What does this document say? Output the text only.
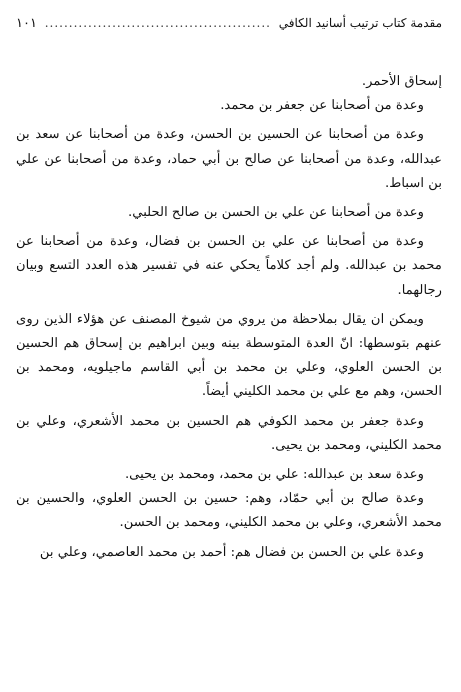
مقدمة كتاب ترتيب أسانيد الكافي
...............................................
١٠١

إسحاق الأحمر.

وعدة من أصحابنا عن جعفر بن محمد.

وعدة من أصحابنا عن الحسين بن الحسن، وعدة من أصحابنا عن سعد بن عبدالله، وعدة من أصحابنا عن صالح بن أبي حماد، وعدة من أصحابنا عن علي بن اسباط.

وعدة من أصحابنا عن علي بن الحسن بن صالح الحلبي.

وعدة من أصحابنا عن علي بن الحسن بن فضال، وعدة من أصحابنا عن محمد بن عبدالله. ولم أجد كلاماً يحكي عنه في تفسير هذه العدد التسع وبيان رجالهما.

ويمكن ان يقال بملاحظة من يروي من شيوخ المصنف عن هؤلاء الذين روى عنهم بتوسطها: انّ العدة المتوسطة بينه وبين ابراهيم بن إسحاق هم الحسين بن الحسن العلوي، وعلي بن محمد بن أبي القاسم ماجيلويه، ومحمد بن الحسن، وهم مع علي بن محمد الكليني أيضاً.

وعدة جعفر بن محمد الكوفي هم الحسين بن محمد الأشعري، وعلي بن محمد الكليني، ومحمد بن يحيى.

وعدة سعد بن عبدالله: علي بن محمد، ومحمد بن يحيى.

وعدة صالح بن أبي حمّاد، وهم: حسين بن الحسن العلوي، والحسين بن محمد الأشعري، وعلي بن محمد الكليني، ومحمد بن الحسن.

وعدة علي بن الحسن بن فضال هم: أحمد بن محمد العاصمي، وعلي بن
